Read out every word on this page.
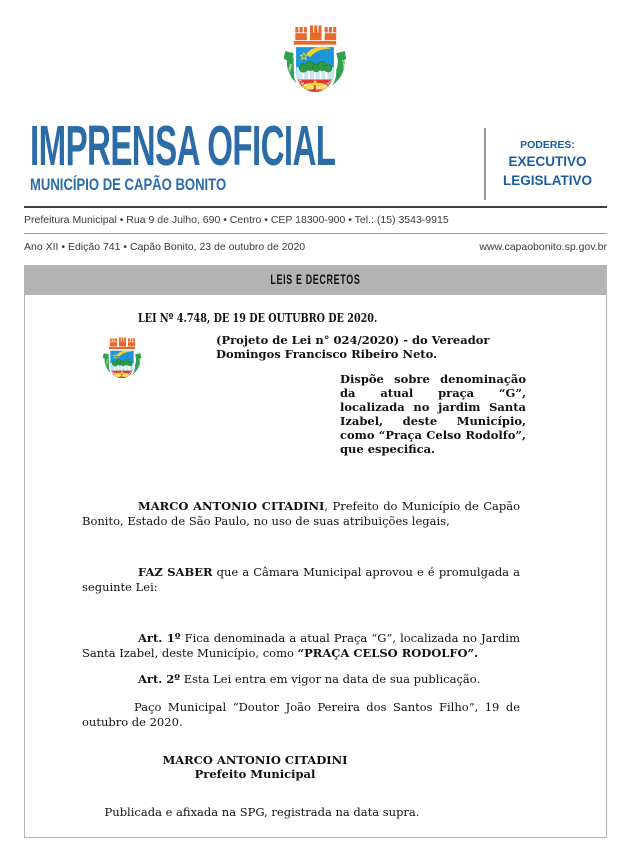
IMPRENSA OFICIAL
MUNICÍPIO DE CAPÃO BONITO
PODERES:
EXECUTIVO
LEGISLATIVO
Prefeitura Municipal • Rua 9 de Julho, 690 • Centro • CEP 18300-900 • Tel.: (15) 3543-9915
Ano XII • Edição 741 • Capão Bonito, 23 de outubro de 2020	www.capaobonito.sp.gov.br
LEIS E DECRETOS
LEI Nº 4.748, DE 19 DE OUTUBRO DE 2020.
(Projeto de Lei n° 024/2020) - do Vereador
Domingos Francisco Ribeiro Neto.
Dispõe sobre denominação da atual praça “G”, localizada no jardim Santa Izabel, deste Município, como “Praça Celso Rodolfo”, que especifica.

MARCO ANTONIO CITADINI, Prefeito do Município de Capão Bonito, Estado de São Paulo, no uso de suas atribuições legais,

FAZ SABER que a Câmara Municipal aprovou e é promulgada a seguinte Lei:

Art. 1º Fica denominada a atual Praça “G”, localizada no Jardim Santa Izabel, deste Município, como “PRAÇA CELSO RODOLFO”.

Art. 2º Esta Lei entra em vigor na data de sua publicação.

Paço Municipal “Doutor João Pereira dos Santos Filho”, 19 de outubro de 2020.

MARCO ANTONIO CITADINI
Prefeito Municipal
Publicada e afixada na SPG, registrada na data supra.
